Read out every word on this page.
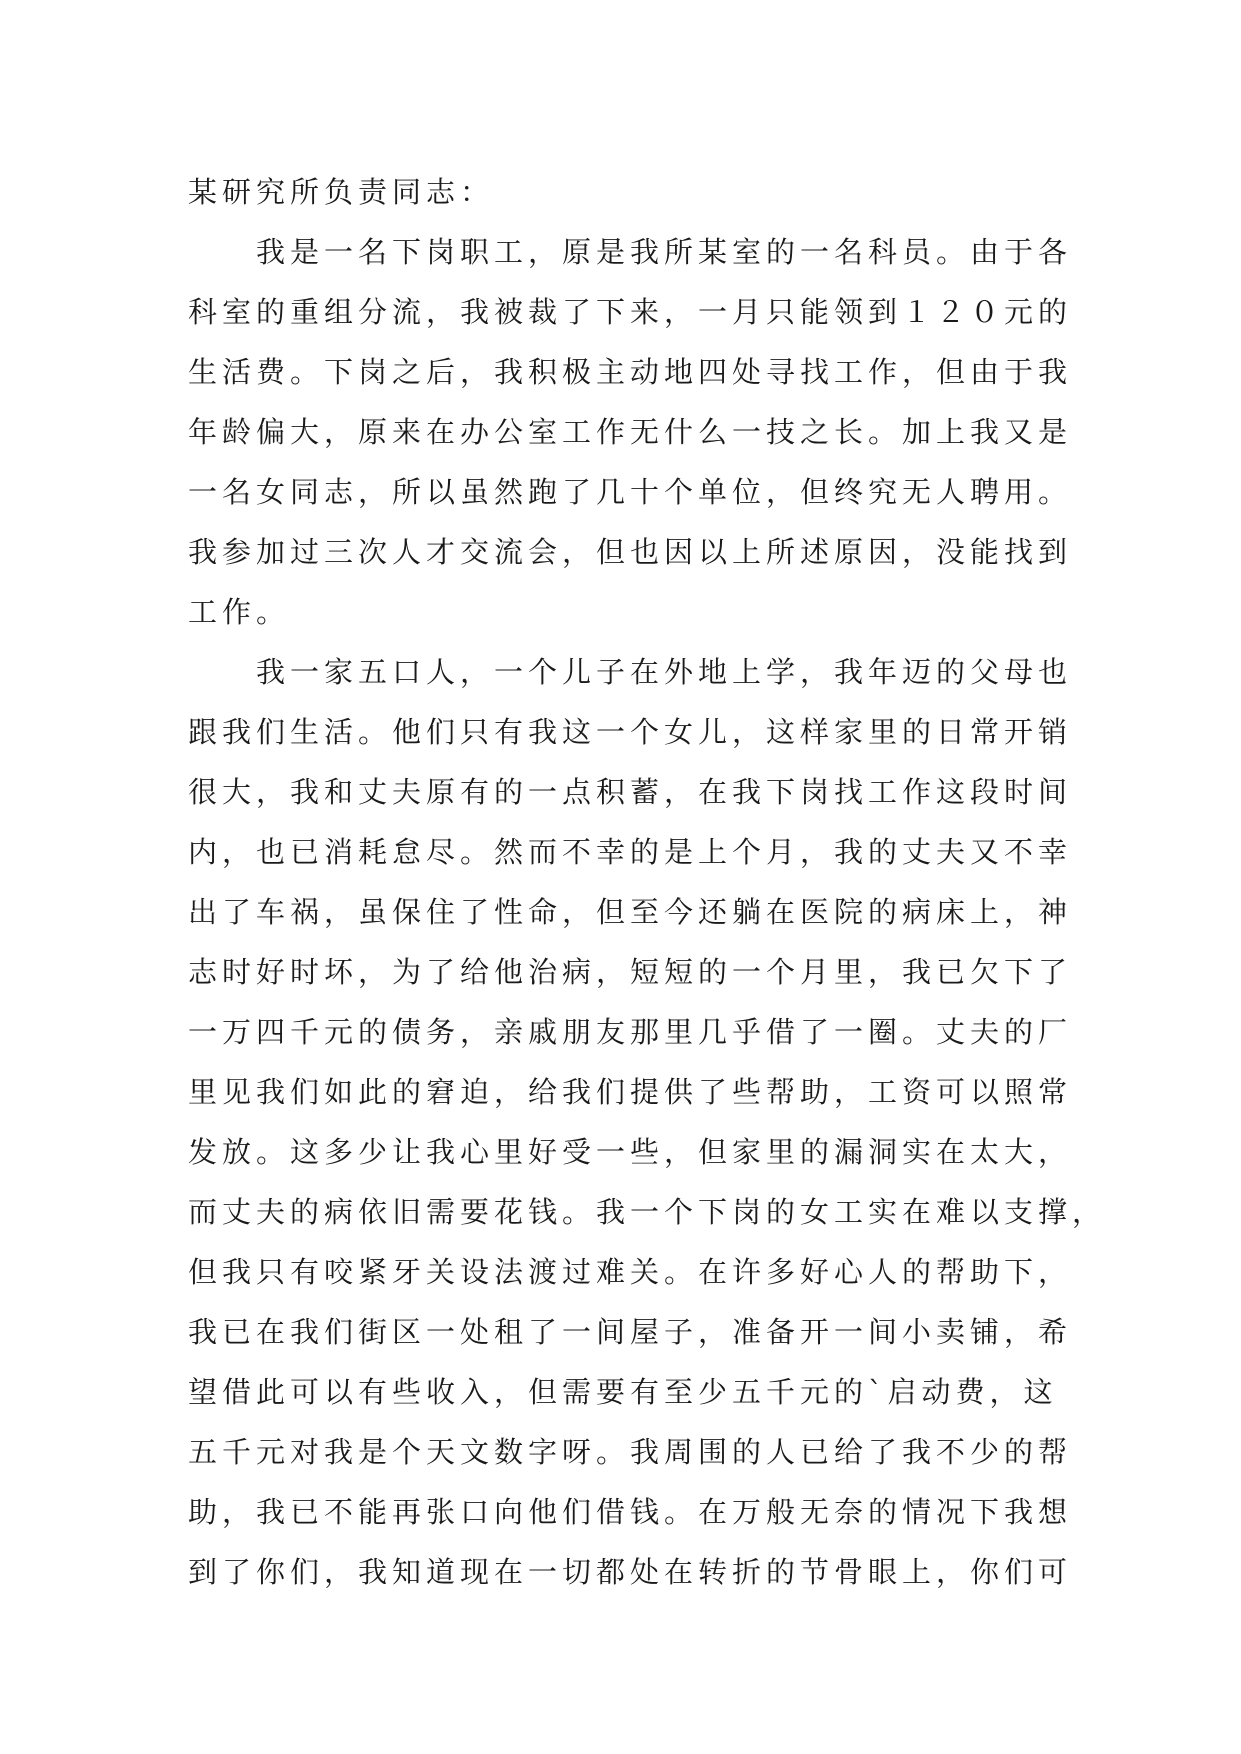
某研究所负责同志：
　　我是一名下岗职工，原是我所某室的一名科员。由于各
科室的重组分流，我被裁了下来，一月只能领到１２０元的
生活费。下岗之后，我积极主动地四处寻找工作，但由于我
年龄偏大，原来在办公室工作无什么一技之长。加上我又是
一名女同志，所以虽然跑了几十个单位，但终究无人聘用。
我参加过三次人才交流会，但也因以上所述原因，没能找到
工作。
　　我一家五口人，一个儿子在外地上学，我年迈的父母也
跟我们生活。他们只有我这一个女儿，这样家里的日常开销
很大，我和丈夫原有的一点积蓄，在我下岗找工作这段时间
内，也已消耗怠尽。然而不幸的是上个月，我的丈夫又不幸
出了车祸，虽保住了性命，但至今还躺在医院的病床上，神
志时好时坏，为了给他治病，短短的一个月里，我已欠下了
一万四千元的债务，亲戚朋友那里几乎借了一圈。丈夫的厂
里见我们如此的窘迫，给我们提供了些帮助，工资可以照常
发放。这多少让我心里好受一些，但家里的漏洞实在太大，
而丈夫的病依旧需要花钱。我一个下岗的女工实在难以支撑，
但我只有咬紧牙关设法渡过难关。在许多好心人的帮助下，
我已在我们街区一处租了一间屋子，准备开一间小卖铺，希
望借此可以有些收入，但需要有至少五千元的`启动费，这
五千元对我是个天文数字呀。我周围的人已给了我不少的帮
助，我已不能再张口向他们借钱。在万般无奈的情况下我想
到了你们，我知道现在一切都处在转折的节骨眼上，你们可
